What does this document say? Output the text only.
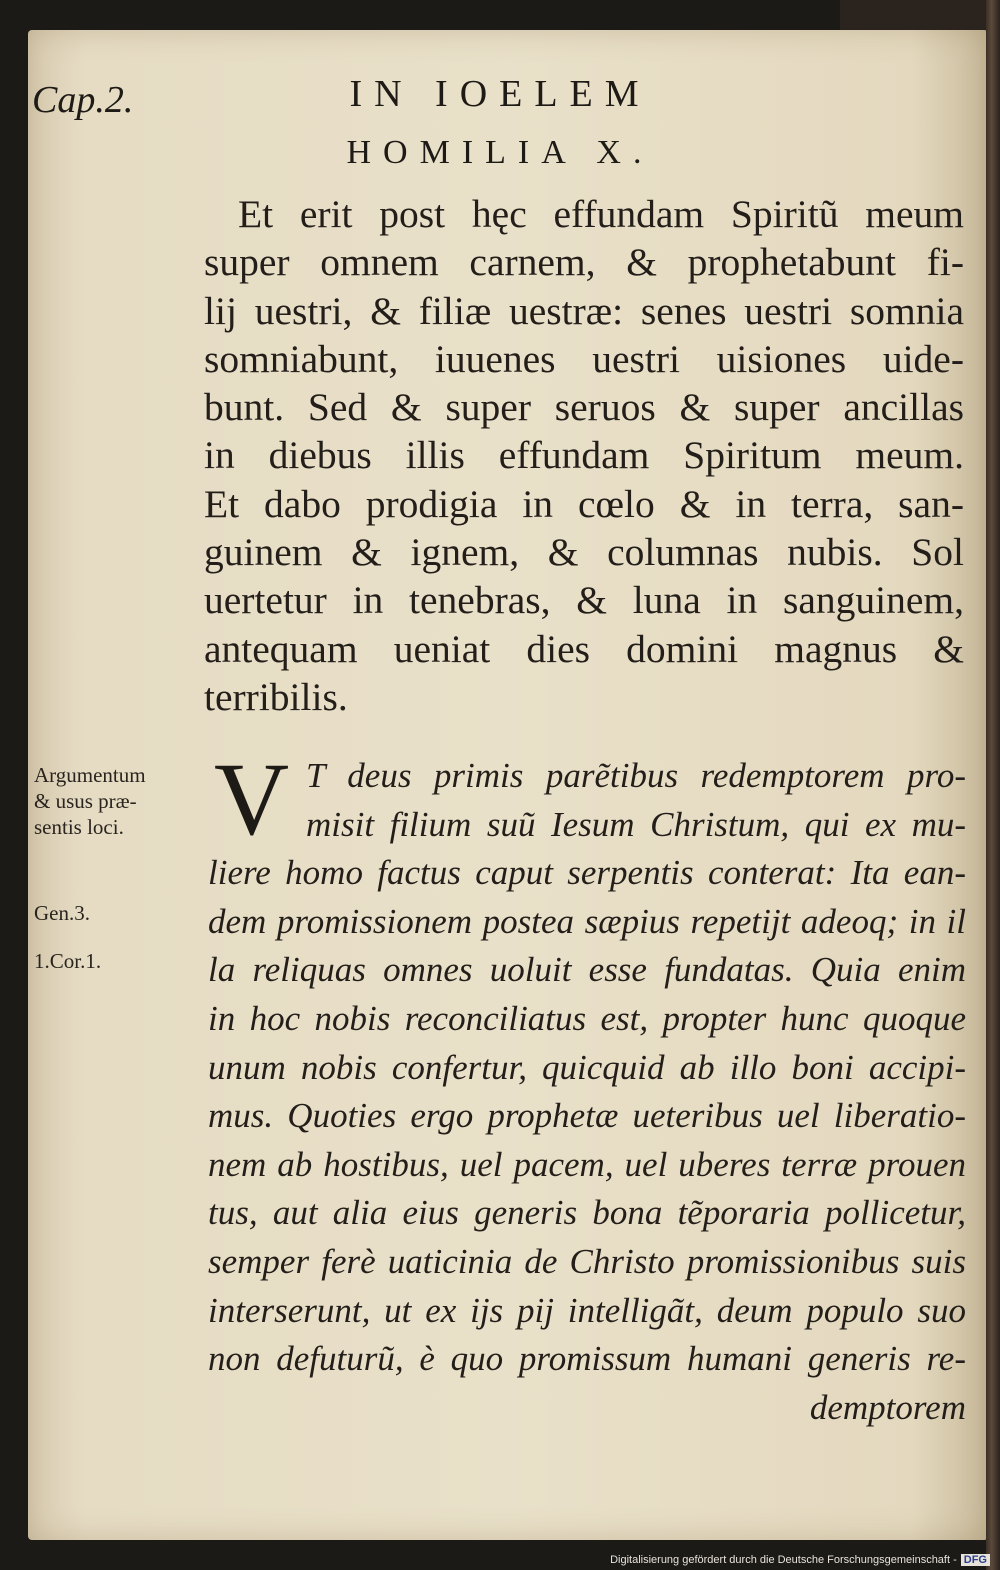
Cap.2.	IN IOELEM
HOMILIA X.
Et erit post hęc effundam Spiritũ meum
super omnem carnem, & prophetabunt fi-
lij uestri, & filiæ uestræ: senes uestri somnia
somniabunt, iuuenes uestri uisiones uide-
bunt. Sed & super seruos & super ancillas
in diebus illis effundam Spiritum meum.
Et dabo prodigia in cœlo & in terra, san-
guinem & ignem, & columnas nubis. Sol
uertetur in tenebras, & luna in sanguinem,
antequam ueniat dies domini magnus &
terribilis.
Argumentum
& usus præ-
sentis loci.
Gen.3.
1.Cor.1.
V T deus primis parẽtibus redemptorem pro-
misit filium suũ Iesum Christum, qui ex mu-
liere homo factus caput serpentis conterat: Ita ean-
dem promissionem postea sæpius repetijt adeoq; in il
la reliquas omnes uoluit esse fundatas. Quia enim
in hoc nobis reconciliatus est, propter hunc quoque
unum nobis confertur, quicquid ab illo boni accipi-
mus. Quoties ergo prophetæ ueteribus uel liberatio-
nem ab hostibus, uel pacem, uel uberes terræ prouen
tus, aut alia eius generis bona tẽporaria pollicetur,
semper ferè uaticinia de Christo promissionibus suis
interserunt, ut ex ijs pij intelligãt, deum populo suo
non defuturũ, è quo promissum humani generis re-
demptorem
Digitalisierung gefördert durch die Deutsche Forschungsgemeinschaft - DFG
